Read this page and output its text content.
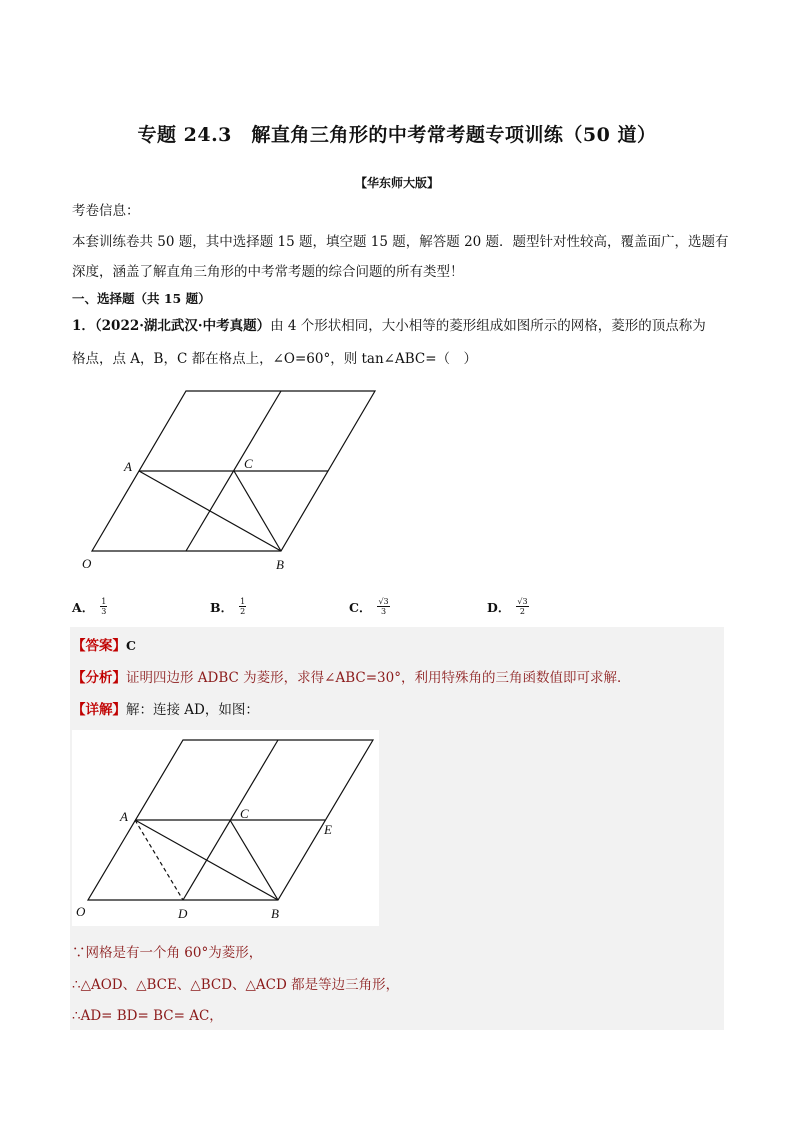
专题 24.3　解直角三角形的中考常考题专项训练（50 道）
【华东师大版】
考卷信息：
本套训练卷共 50 题，其中选择题 15 题，填空题 15 题，解答题 20 题．题型针对性较高，覆盖面广，选题有
深度，涵盖了解直角三角形的中考常考题的综合问题的所有类型！
一、选择题（共 15 题）
1．（2022·湖北武汉·中考真题）由 4 个形状相同，大小相等的菱形组成如图所示的网格，菱形的顶点称为
格点，点 A，B，C 都在格点上，∠O=60°，则 tan∠ABC=（　）
A	C
O	B
A． $\frac{1}{3}$	B． $\frac{1}{2}$	C． $\frac{√3}{3}$	D． $\frac{√3}{2}$
【答案】C
【分析】证明四边形 ADBC 为菱形，求得∠ABC=30°，利用特殊角的三角函数值即可求解．
【详解】解：连接 AD，如图：
A	C
E
O	D	B
∵网格是有一个角 60°为菱形，
∴△AOD、△BCE、△BCD、△ACD 都是等边三角形，
∴AD= BD= BC= AC，
